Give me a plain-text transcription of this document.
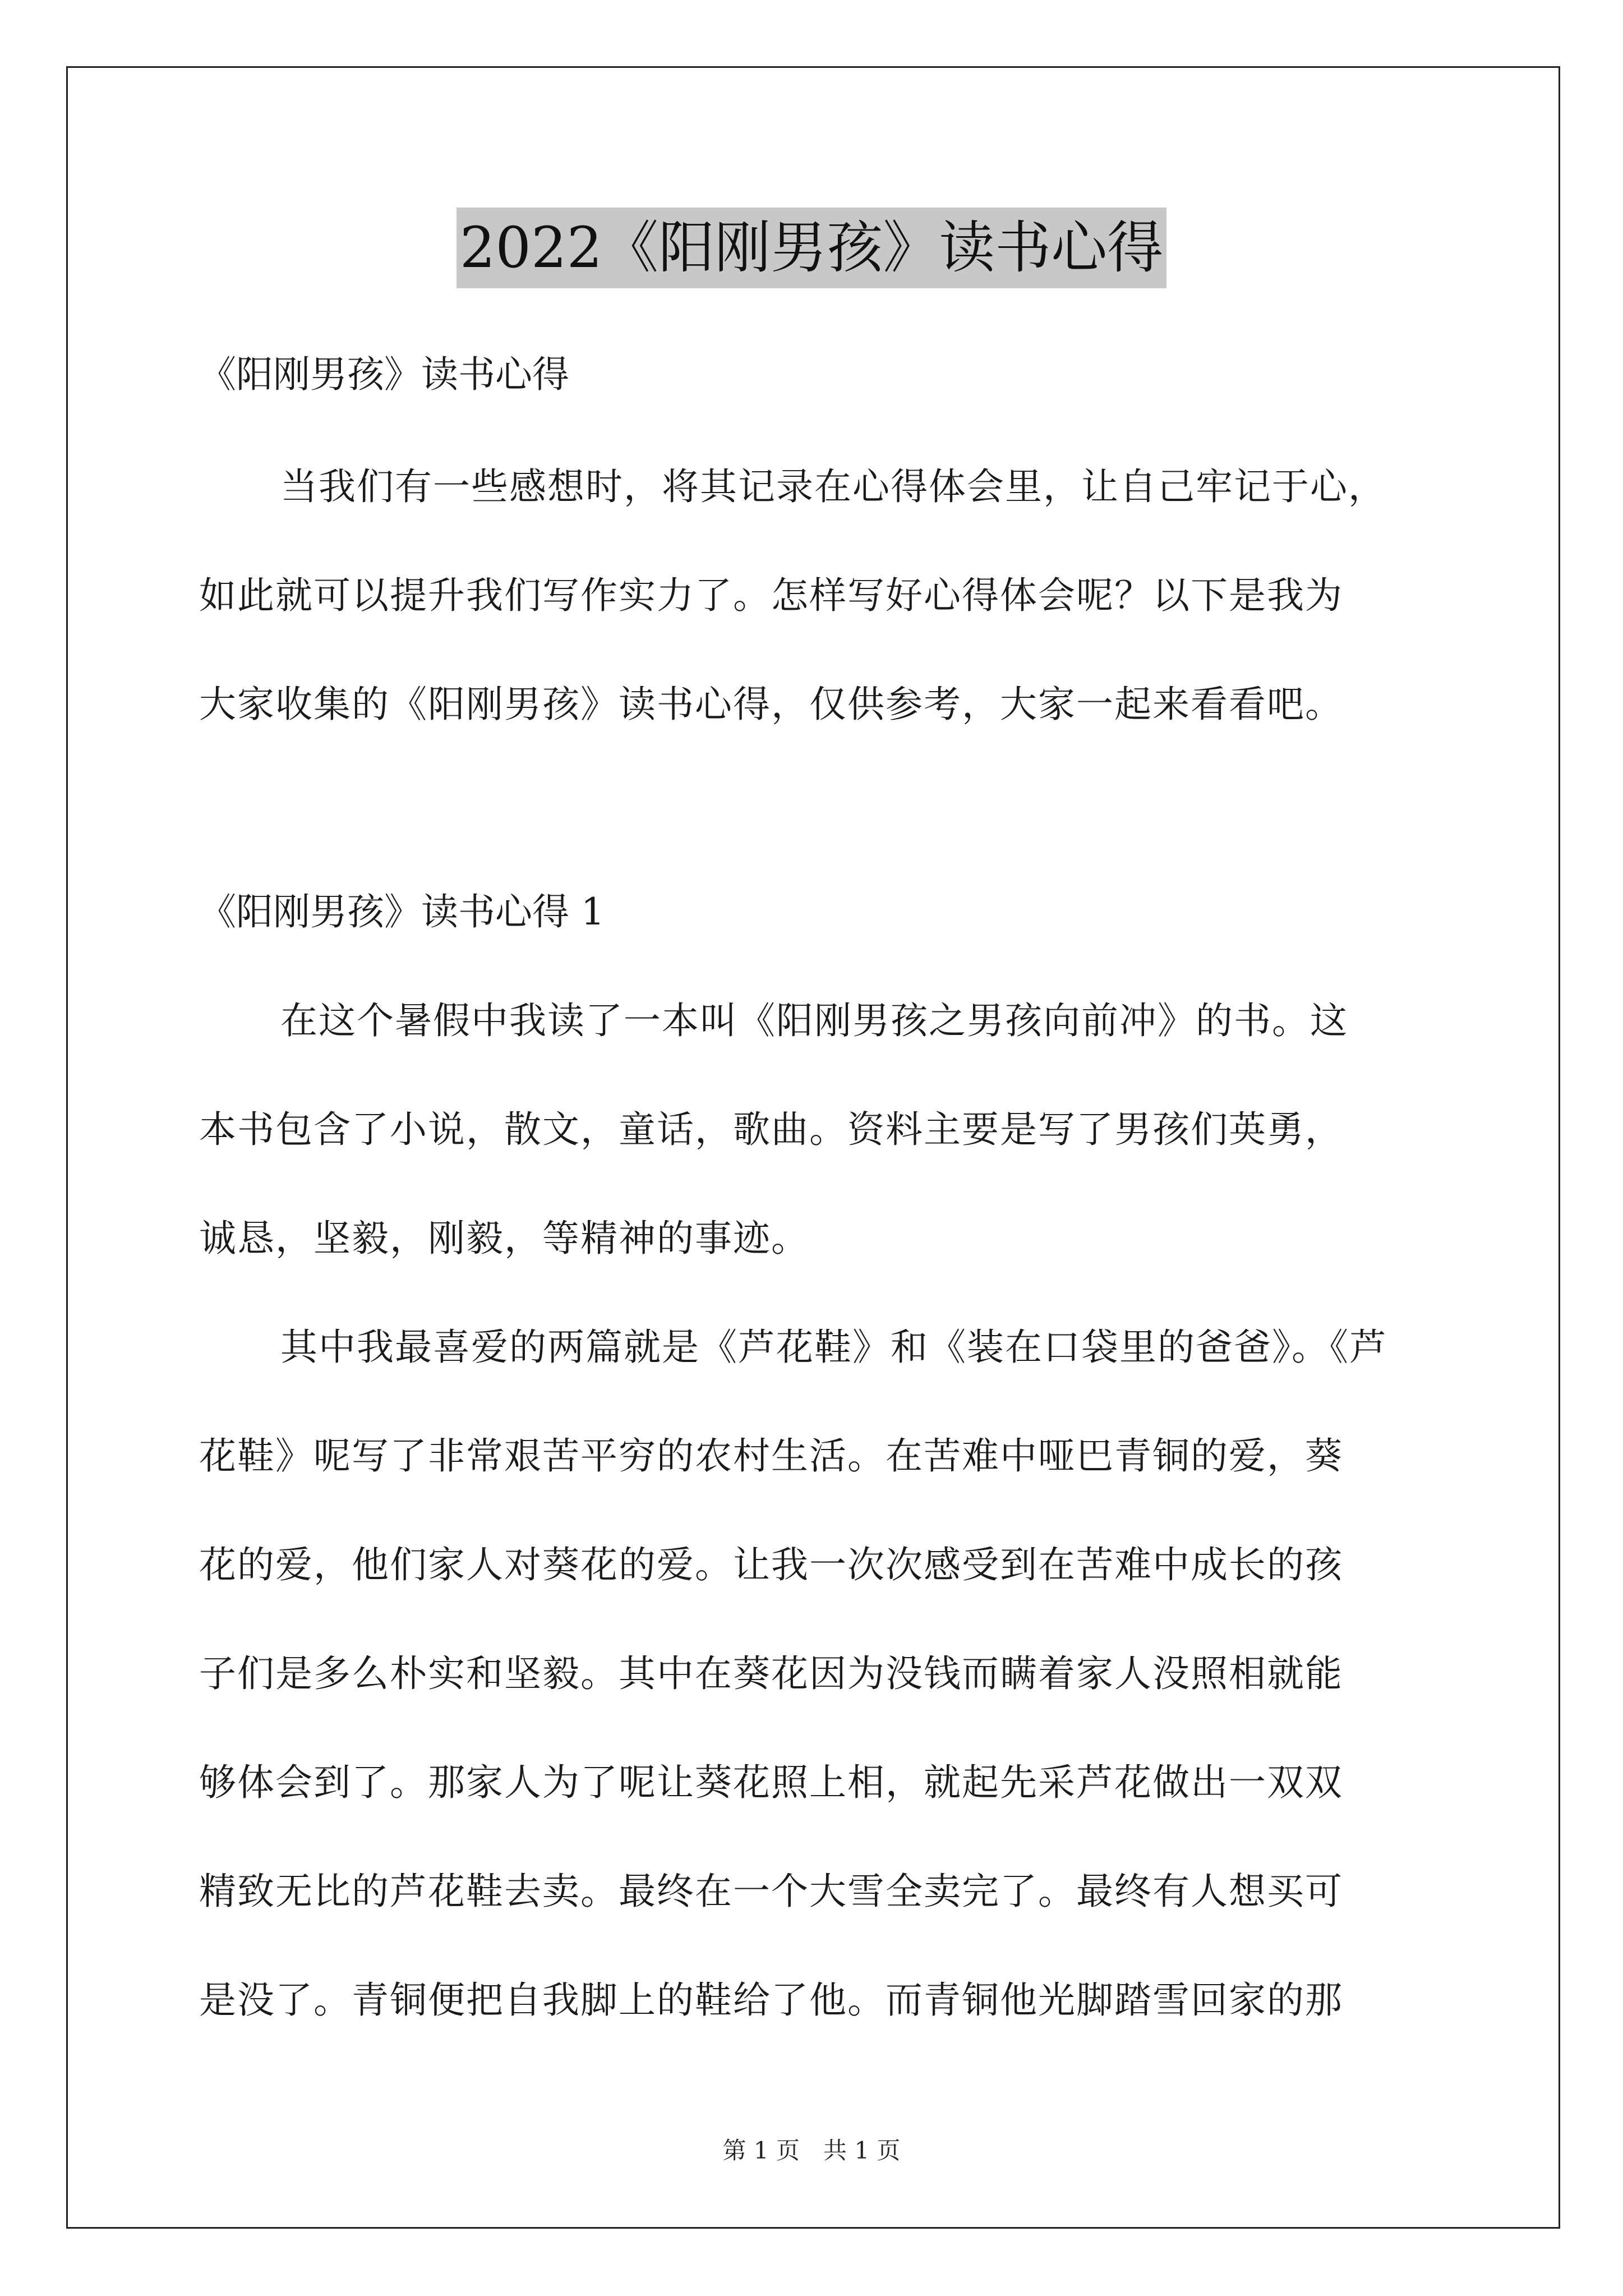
2022《阳刚男孩》读书心得
《阳刚男孩》读书心得
当我们有一些感想时，将其记录在心得体会里，让自己牢记于心，
如此就可以提升我们写作实力了。怎样写好心得体会呢？以下是我为
大家收集的《阳刚男孩》读书心得，仅供参考，大家一起来看看吧。
《阳刚男孩》读书心得 1
在这个暑假中我读了一本叫《阳刚男孩之男孩向前冲》的书。这
本书包含了小说，散文，童话，歌曲。资料主要是写了男孩们英勇，
诚恳，坚毅，刚毅，等精神的事迹。
其中我最喜爱的两篇就是《芦花鞋》和《装在口袋里的爸爸》。《芦
花鞋》呢写了非常艰苦平穷的农村生活。在苦难中哑巴青铜的爱，葵
花的爱，他们家人对葵花的爱。让我一次次感受到在苦难中成长的孩
子们是多么朴实和坚毅。其中在葵花因为没钱而瞒着家人没照相就能
够体会到了。那家人为了呢让葵花照上相，就起先采芦花做出一双双
精致无比的芦花鞋去卖。最终在一个大雪全卖完了。最终有人想买可
是没了。青铜便把自我脚上的鞋给了他。而青铜他光脚踏雪回家的那
第 1 页　共 1 页
